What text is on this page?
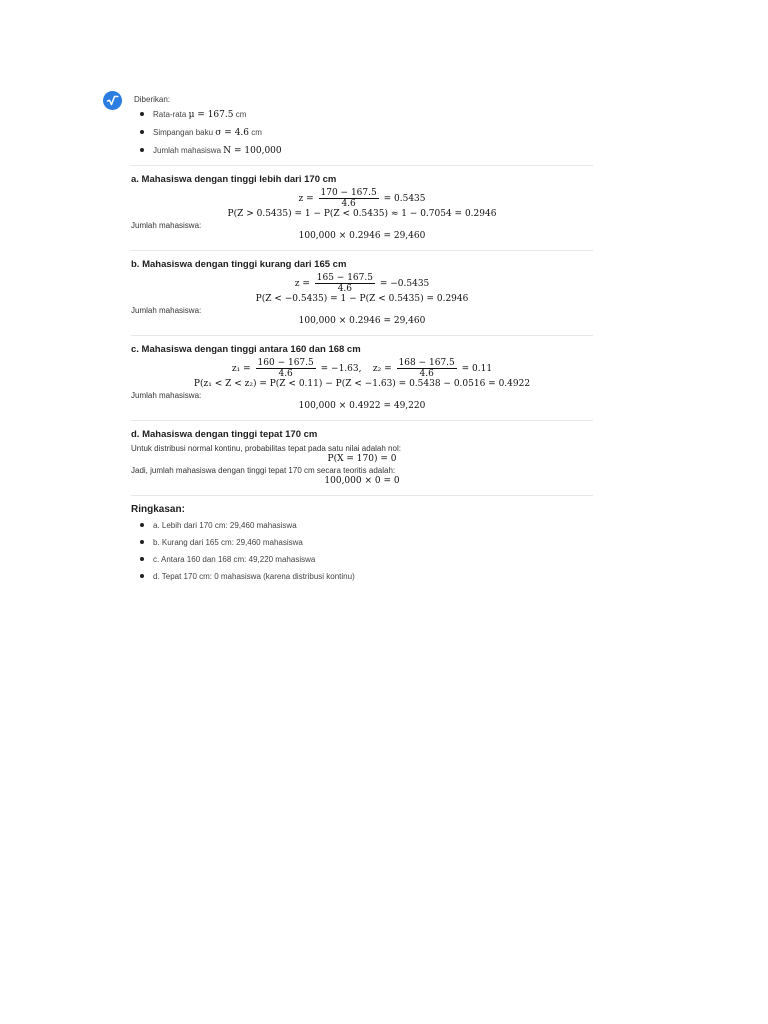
Diberikan:
Rata-rata μ = 167.5 cm
Simpangan baku σ = 4.6 cm
Jumlah mahasiswa N = 100,000
a. Mahasiswa dengan tinggi lebih dari 170 cm
$z = \frac{170 - 167.5}{4.6} = 0.5435$
P(Z > 0.5435) = 1 − P(Z < 0.5435) ≈ 1 − 0.7054 = 0.2946
Jumlah mahasiswa:
100,000 × 0.2946 = 29,460
b. Mahasiswa dengan tinggi kurang dari 165 cm
$z = \frac{165 - 167.5}{4.6} = -0.5435$
P(Z < −0.5435) = 1 − P(Z < 0.5435) = 0.2946
Jumlah mahasiswa:
100,000 × 0.2946 = 29,460
c. Mahasiswa dengan tinggi antara 160 dan 168 cm
$z_1 = \frac{160 - 167.5}{4.6} = -1.63$, $z_2 = \frac{168 - 167.5}{4.6} = 0.11$
P(z₁ < Z < z₂) = P(Z < 0.11) − P(Z < −1.63) = 0.5438 − 0.0516 = 0.4922
Jumlah mahasiswa:
100,000 × 0.4922 = 49,220
d. Mahasiswa dengan tinggi tepat 170 cm
Untuk distribusi normal kontinu, probabilitas tepat pada satu nilai adalah nol:
P(X = 170) = 0
Jadi, jumlah mahasiswa dengan tinggi tepat 170 cm secara teoritis adalah:
100,000 × 0 = 0
Ringkasan:
a. Lebih dari 170 cm: 29,460 mahasiswa
b. Kurang dari 165 cm: 29,460 mahasiswa
c. Antara 160 dan 168 cm: 49,220 mahasiswa
d. Tepat 170 cm: 0 mahasiswa (karena distribusi kontinu)
